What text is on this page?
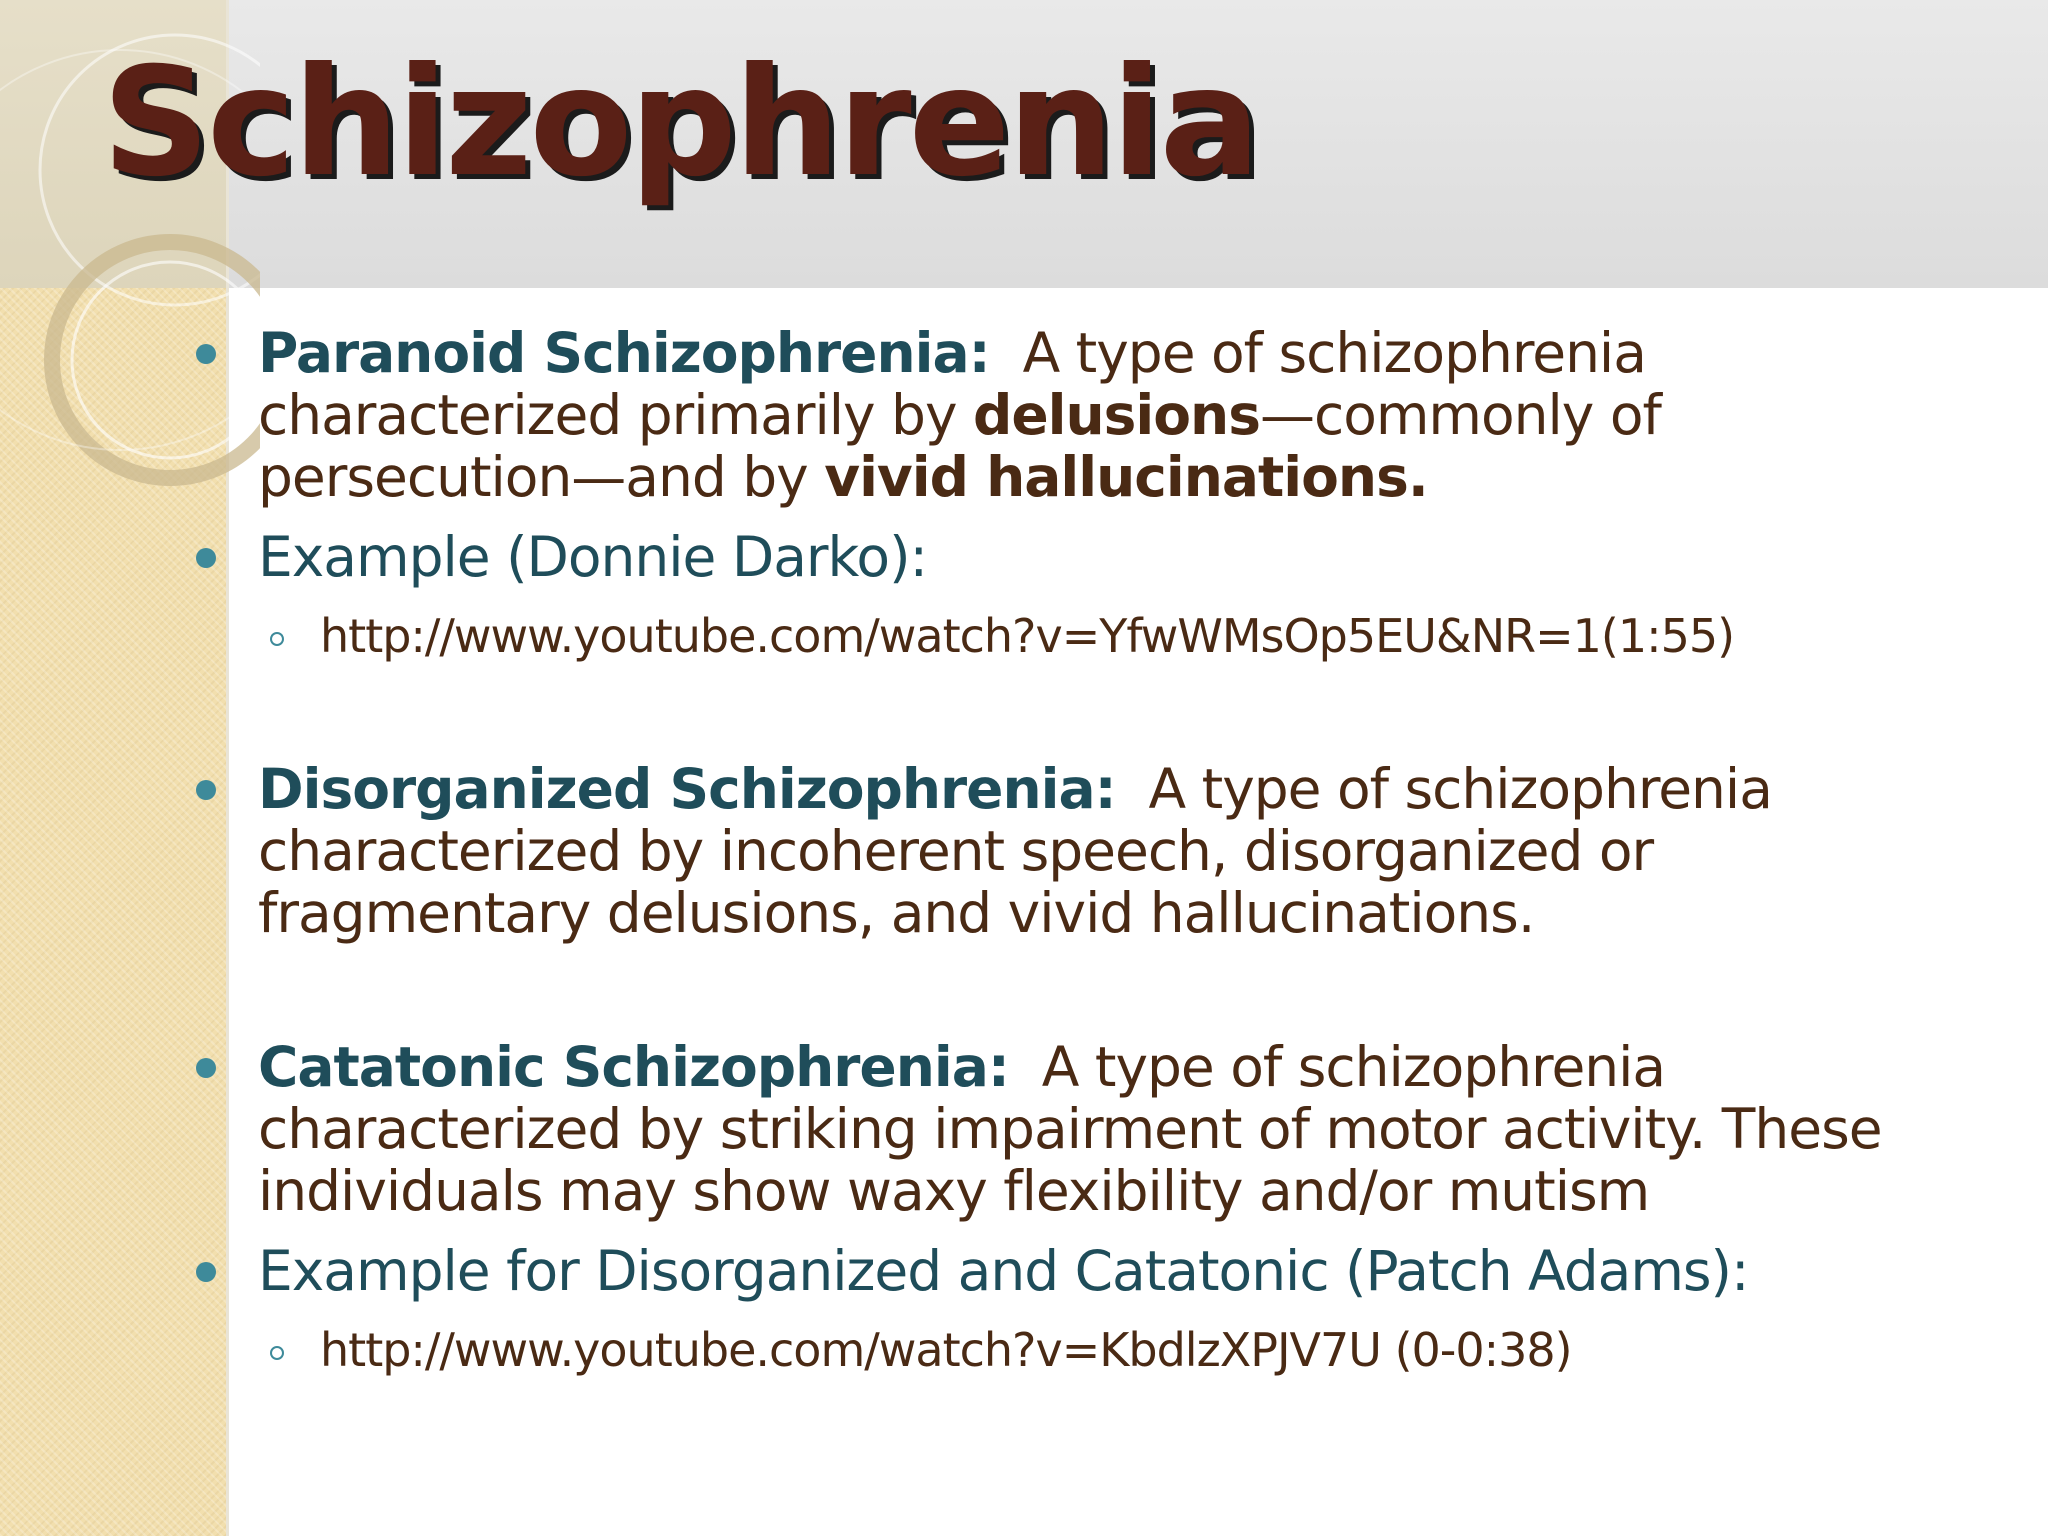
Schizophrenia
Paranoid Schizophrenia: A type of schizophrenia characterized primarily by delusions—commonly of persecution—and by vivid hallucinations.
Example (Donnie Darko):
http://www.youtube.com/watch?v=YfwWMsOp5EU&NR=1(1:55)
Disorganized Schizophrenia: A type of schizophrenia characterized by incoherent speech, disorganized or fragmentary delusions, and vivid hallucinations.
Catatonic Schizophrenia: A type of schizophrenia characterized by striking impairment of motor activity. These individuals may show waxy flexibility and/or mutism
Example for Disorganized and Catatonic (Patch Adams):
http://www.youtube.com/watch?v=KbdlzXPJV7U (0-0:38)
